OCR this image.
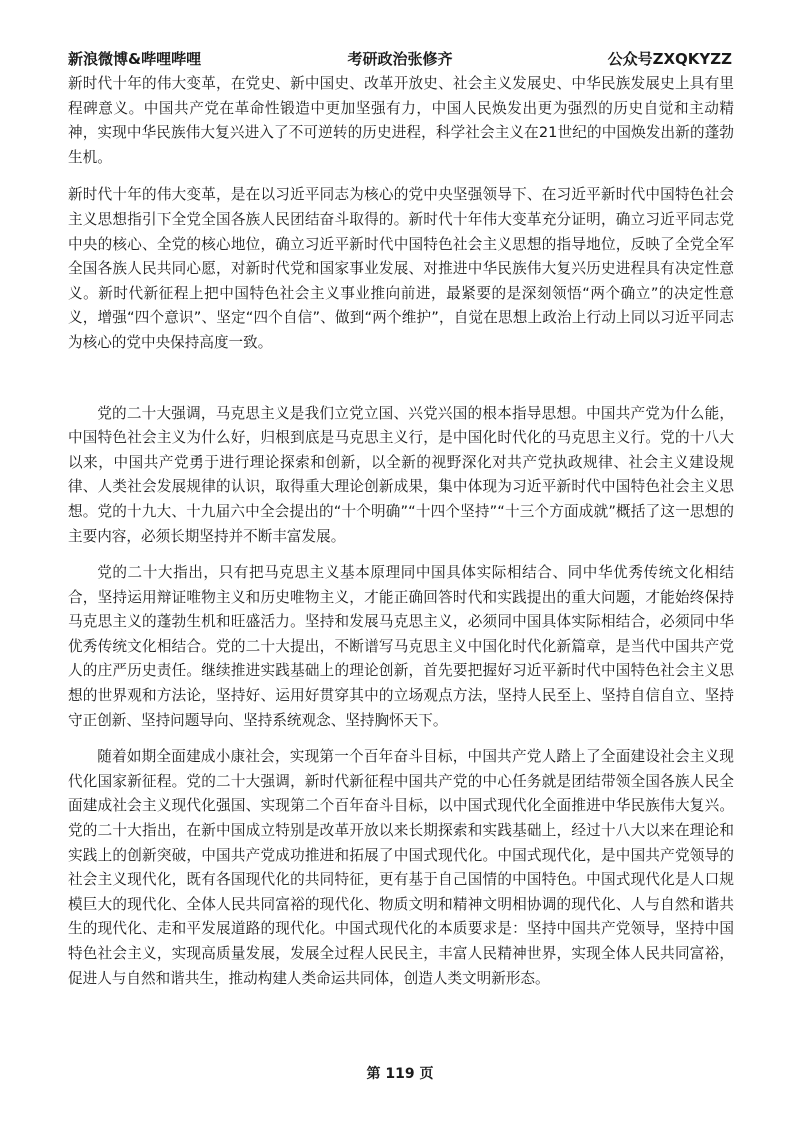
新浪微博&哔哩哔哩	考研政治张修齐	公众号ZXQKYZZ

新时代十年的伟大变革，在党史、新中国史、改革开放史、社会主义发展史、中华民族发展史上具有里程碑意义。中国共产党在革命性锻造中更加坚强有力，中国人民焕发出更为强烈的历史自觉和主动精神，实现中华民族伟大复兴进入了不可逆转的历史进程，科学社会主义在21世纪的中国焕发出新的蓬勃生机。

新时代十年的伟大变革，是在以习近平同志为核心的党中央坚强领导下、在习近平新时代中国特色社会主义思想指引下全党全国各族人民团结奋斗取得的。新时代十年伟大变革充分证明，确立习近平同志党中央的核心、全党的核心地位，确立习近平新时代中国特色社会主义思想的指导地位，反映了全党全军全国各族人民共同心愿，对新时代党和国家事业发展、对推进中华民族伟大复兴历史进程具有决定性意义。新时代新征程上把中国特色社会主义事业推向前进，最紧要的是深刻领悟“两个确立”的决定性意义，增强“四个意识”、坚定“四个自信”、做到“两个维护”，自觉在思想上政治上行动上同以习近平同志为核心的党中央保持高度一致。

党的二十大强调，马克思主义是我们立党立国、兴党兴国的根本指导思想。中国共产党为什么能，中国特色社会主义为什么好，归根到底是马克思主义行，是中国化时代化的马克思主义行。党的十八大以来，中国共产党勇于进行理论探索和创新，以全新的视野深化对共产党执政规律、社会主义建设规律、人类社会发展规律的认识，取得重大理论创新成果，集中体现为习近平新时代中国特色社会主义思想。党的十九大、十九届六中全会提出的“十个明确”“十四个坚持”“十三个方面成就”概括了这一思想的主要内容，必须长期坚持并不断丰富发展。

党的二十大指出，只有把马克思主义基本原理同中国具体实际相结合、同中华优秀传统文化相结合，坚持运用辩证唯物主义和历史唯物主义，才能正确回答时代和实践提出的重大问题，才能始终保持马克思主义的蓬勃生机和旺盛活力。坚持和发展马克思主义，必须同中国具体实际相结合，必须同中华优秀传统文化相结合。党的二十大提出，不断谱写马克思主义中国化时代化新篇章，是当代中国共产党人的庄严历史责任。继续推进实践基础上的理论创新，首先要把握好习近平新时代中国特色社会主义思想的世界观和方法论，坚持好、运用好贯穿其中的立场观点方法，坚持人民至上、坚持自信自立、坚持守正创新、坚持问题导向、坚持系统观念、坚持胸怀天下。

随着如期全面建成小康社会，实现第一个百年奋斗目标，中国共产党人踏上了全面建设社会主义现代化国家新征程。党的二十大强调，新时代新征程中国共产党的中心任务就是团结带领全国各族人民全面建成社会主义现代化强国、实现第二个百年奋斗目标，以中国式现代化全面推进中华民族伟大复兴。党的二十大指出，在新中国成立特别是改革开放以来长期探索和实践基础上，经过十八大以来在理论和实践上的创新突破，中国共产党成功推进和拓展了中国式现代化。中国式现代化，是中国共产党领导的社会主义现代化，既有各国现代化的共同特征，更有基于自己国情的中国特色。中国式现代化是人口规模巨大的现代化、全体人民共同富裕的现代化、物质文明和精神文明相协调的现代化、人与自然和谐共生的现代化、走和平发展道路的现代化。中国式现代化的本质要求是：坚持中国共产党领导，坚持中国特色社会主义，实现高质量发展，发展全过程人民民主，丰富人民精神世界，实现全体人民共同富裕，促进人与自然和谐共生，推动构建人类命运共同体，创造人类文明新形态。

第 119 页
